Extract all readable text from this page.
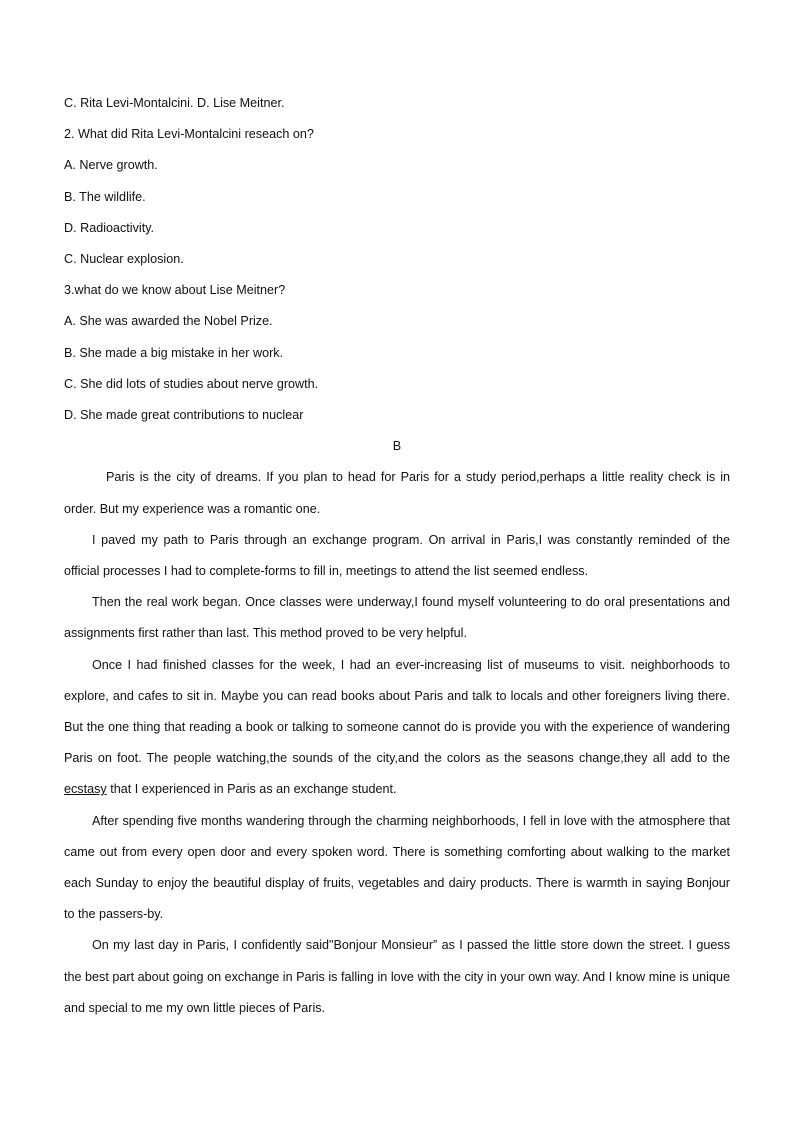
C. Rita Levi-Montalcini. D. Lise Meitner.

2. What did Rita Levi-Montalcini reseach on?

A. Nerve growth.

B. The wildlife.

D. Radioactivity.

C. Nuclear explosion.

3.what do we know about Lise Meitner?

A. She was awarded the Nobel Prize.

B. She made a big mistake in her work.

C. She did lots of studies about nerve growth.

D. She made great contributions to nuclear

B

Paris is the city of dreams. If you plan to head for Paris for a study period,perhaps a little reality check is in order. But my experience was a romantic one.

I paved my path to Paris through an exchange program. On arrival in Paris,I was constantly reminded of the official processes I had to complete-forms to fill in, meetings to attend the list seemed endless.

Then the real work began. Once classes were underway,I found myself volunteering to do oral presentations and assignments first rather than last. This method proved to be very helpful.

Once I had finished classes for the week, I had an ever-increasing list of museums to visit. neighborhoods to explore, and cafes to sit in. Maybe you can read books about Paris and talk to locals and other foreigners living there. But the one thing that reading a book or talking to someone cannot do is provide you with the experience of wandering Paris on foot. The people watching,the sounds of the city,and the colors as the seasons change,they all add to the ecstasy that I experienced in Paris as an exchange student.

After spending five months wandering through the charming neighborhoods, I fell in love with the atmosphere that came out from every open door and every spoken word. There is something comforting about walking to the market each Sunday to enjoy the beautiful display of fruits, vegetables and dairy products. There is warmth in saying Bonjour to the passers-by.

On my last day in Paris, I confidently said"Bonjour Monsieur” as I passed the little store down the street. I guess the best part about going on exchange in Paris is falling in love with the city in your own way. And I know mine is unique and special to me my own little pieces of Paris.
